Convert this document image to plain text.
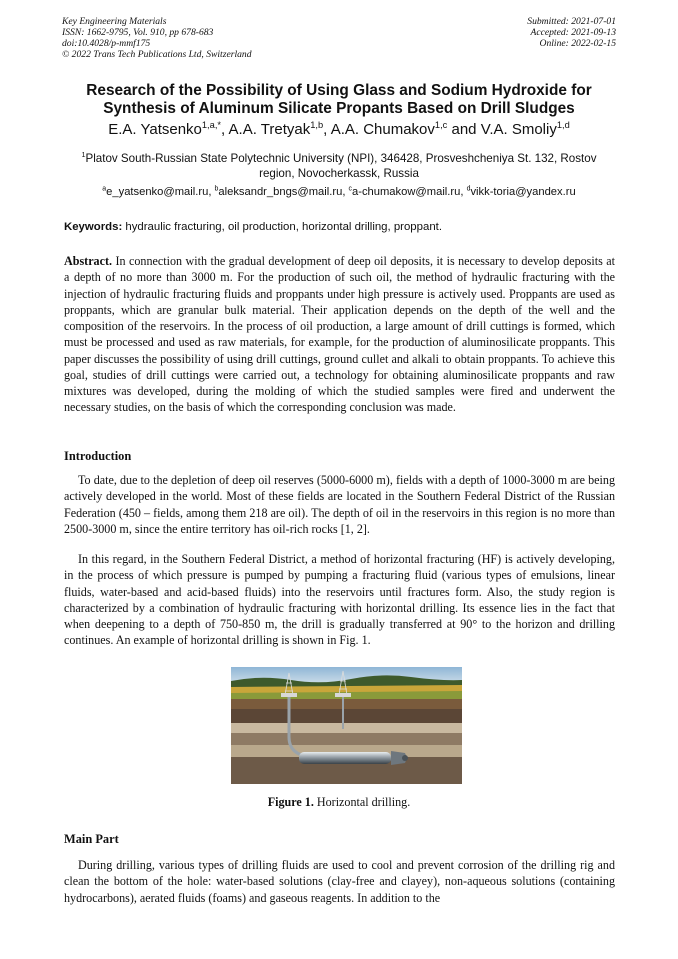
Key Engineering Materials
ISSN: 1662-9795, Vol. 910, pp 678-683
doi:10.4028/p-mmf175
© 2022 Trans Tech Publications Ltd, Switzerland
Submitted: 2021-07-01
Accepted: 2021-09-13
Online: 2022-02-15
Research of the Possibility of Using Glass and Sodium Hydroxide for Synthesis of Aluminum Silicate Propants Based on Drill Sludges
E.A. Yatsenko$^{1,a,*}$, A.A. Tretyak$^{1,b}$, A.A. Chumakov$^{1,c}$ and V.A. Smoliy$^{1,d}$
$^1$Platov South-Russian State Polytechnic University (NPI), 346428, Prosveshcheniya St. 132, Rostov region, Novocherkassk, Russia
$^a$e_yatsenko@mail.ru, $^b$aleksandr_bngs@mail.ru, $^c$a-chumakow@mail.ru, $^d$vikk-toria@yandex.ru
Keywords: hydraulic fracturing, oil production, horizontal drilling, proppant.
Abstract. In connection with the gradual development of deep oil deposits, it is necessary to develop deposits at a depth of no more than 3000 m. For the production of such oil, the method of hydraulic fracturing with the injection of hydraulic fracturing fluids and proppants under high pressure is actively used. Proppants are used as proppants, which are granular bulk material. Their application depends on the depth of the well and the composition of the reservoirs. In the process of oil production, a large amount of drill cuttings is formed, which must be processed and used as raw materials, for example, for the production of aluminosilicate proppants. This paper discusses the possibility of using drill cuttings, ground cullet and alkali to obtain proppants. To achieve this goal, studies of drill cuttings were carried out, a technology for obtaining aluminosilicate proppants and raw mixtures was developed, during the molding of which the studied samples were fired and underwent the necessary studies, on the basis of which the corresponding conclusion was made.
Introduction
To date, due to the depletion of deep oil reserves (5000-6000 m), fields with a depth of 1000-3000 m are being actively developed in the world. Most of these fields are located in the Southern Federal District of the Russian Federation (450 – fields, among them 218 are oil). The depth of oil in the reservoirs in this region is no more than 2500-3000 m, since the entire territory has oil-rich rocks [1, 2].
In this regard, in the Southern Federal District, a method of horizontal fracturing (HF) is actively developing, in the process of which pressure is pumped by pumping a fracturing fluid (various types of emulsions, linear fluids, water-based and acid-based fluids) into the reservoirs until fractures form. Also, the study region is characterized by a combination of hydraulic fracturing with horizontal drilling. Its essence lies in the fact that when deepening to a depth of 750-850 m, the drill is gradually transferred at 90° to the horizon and drilling continues. An example of horizontal drilling is shown in Fig. 1.
Figure 1. Horizontal drilling.
Main Part
During drilling, various types of drilling fluids are used to cool and prevent corrosion of the drilling rig and clean the bottom of the hole: water-based solutions (clay-free and clayey), non-aqueous solutions (containing hydrocarbons), aerated fluids (foams) and gaseous reagents. In addition to the
